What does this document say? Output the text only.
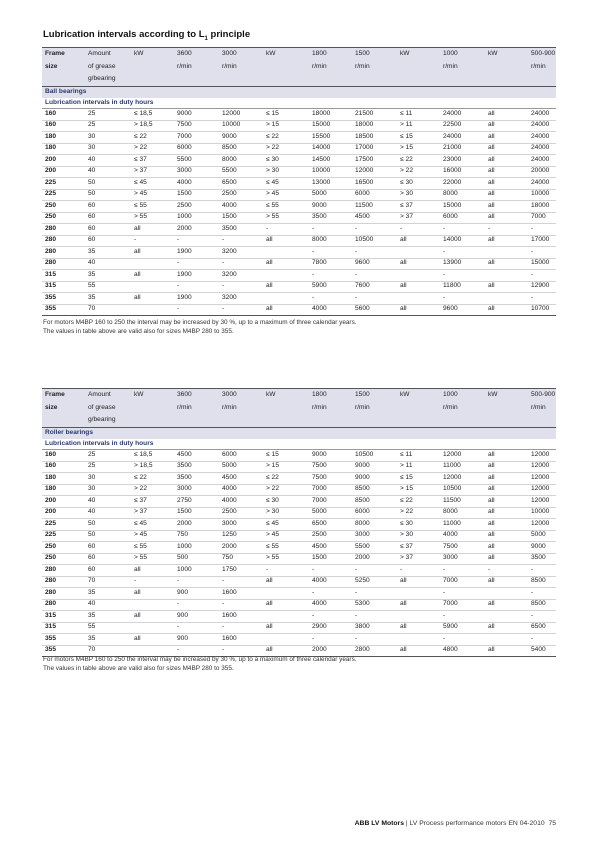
Lubrication intervals according to $L_1$ principle
Frame	Amount	kW	3600	3000	kW	1800	1500	kW	1000	kW	500-900
size	of grease		r/min	r/min		r/min	r/min		r/min		r/min
	g/bearing										
Ball bearings											
Lubrication intervals in duty hours											
160	25	≤ 18,5	9000	12000	≤ 15	18000	21500	≤ 11	24000	all	24000
160	25	> 18,5	7500	10000	> 15	15000	18000	> 11	22500	all	24000
180	30	≤ 22	7000	9000	≤ 22	15500	18500	≤ 15	24000	all	24000
180	30	> 22	6000	8500	> 22	14000	17000	> 15	21000	all	24000
200	40	≤ 37	5500	8000	≤ 30	14500	17500	≤ 22	23000	all	24000
200	40	> 37	3000	5500	> 30	10000	12000	> 22	16000	all	20000
225	50	≤ 45	4000	6500	≤ 45	13000	16500	≤ 30	22000	all	24000
225	50	> 45	1500	2500	> 45	5000	6000	> 30	8000	all	10000
250	60	≤ 55	2500	4000	≤ 55	9000	11500	≤ 37	15000	all	18000
250	60	> 55	1000	1500	> 55	3500	4500	> 37	6000	all	7000
280	60	all	2000	3500	-	-	-	-	-	-	-
280	60	-	-	-	all	8000	10500	all	14000	all	17000
280	35	all	1900	3200		-	-		-		-
280	40		-	-	all	7800	9600	all	13900	all	15000
315	35	all	1900	3200		-	-		-		-
315	55		-	-	all	5900	7600	all	11800	all	12900
355	35	all	1900	3200		-	-		-		-
355	70		-	-	all	4000	5600	all	9600	all	10700

For motors M4BP 160 to 250 the interval may be increased by 30 %, up to a maximum of three calendar years.

The values in table above are valid also for sizes M4BP 280 to 355.

Frame	Amount	kW	3600	3000	kW	1800	1500	kW	1000	kW	500-900
size	of grease		r/min	r/min		r/min	r/min		r/min		r/min
	g/bearing										
Roller bearings											
Lubrication intervals in duty hours											
160	25	≤ 18,5	4500	6000	≤ 15	9000	10500	≤ 11	12000	all	12000
160	25	> 18,5	3500	5000	> 15	7500	9000	> 11	11000	all	12000
180	30	≤ 22	3500	4500	≤ 22	7500	9000	≤ 15	12000	all	12000
180	30	> 22	3000	4000	> 22	7000	8500	> 15	10500	all	12000
200	40	≤ 37	2750	4000	≤ 30	7000	8500	≤ 22	11500	all	12000
200	40	> 37	1500	2500	> 30	5000	6000	> 22	8000	all	10000
225	50	≤ 45	2000	3000	≤ 45	6500	8000	≤ 30	11000	all	12000
225	50	> 45	750	1250	> 45	2500	3000	> 30	4000	all	5000
250	60	≤ 55	1000	2000	≤ 55	4500	5500	≤ 37	7500	all	9000
250	60	> 55	500	750	> 55	1500	2000	> 37	3000	all	3500
280	60	all	1000	1750	-	-	-	-	-	-	-
280	70	-	-	-	all	4000	5250	all	7000	all	8500
280	35	all	900	1600		-	-		-		-
280	40		-	-	all	4000	5300	all	7000	all	8500
315	35	all	900	1600		-	-		-		-
315	55		-	-	all	2900	3800	all	5900	all	6500
355	35	all	900	1600		-	-		-		-
355	70		-	-	all	2000	2800	all	4800	all	5400

For motors M4BP 160 to 250 the interval may be increased by 30 %, up to a maximum of three calendar years.

The values in table above are valid also for sizes M4BP 280 to 355.

ABB LV Motors | LV Process performance motors EN 04-2010 75
